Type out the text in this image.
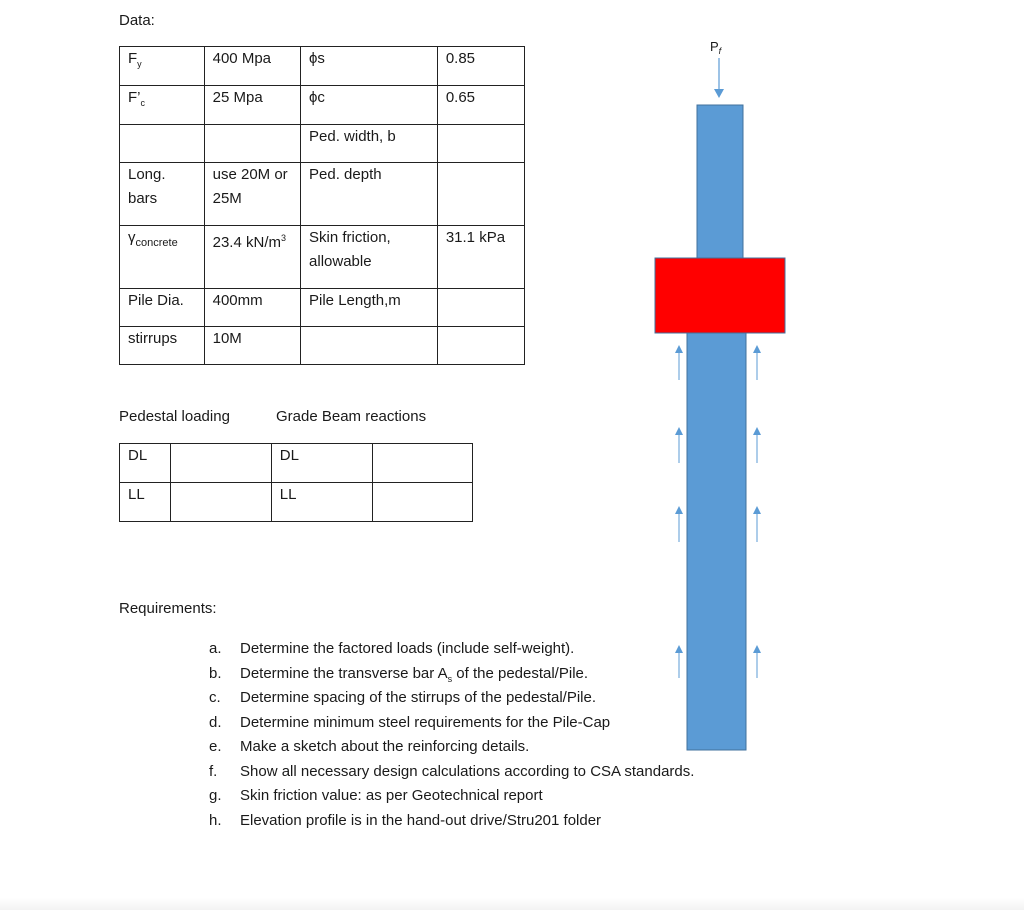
Data:
$F_y$	400 Mpa	ϕs	0.85
$F’_c$	25 Mpa	ϕc	0.65
		Ped. width, b	
Long. bars	use 20M or 25M	Ped. depth	
$\gamma_{concrete}$	23.4 $kN/m^3$	Skin friction, allowable	31.1 kPa
Pile Dia.	400mm	Pile Length,m	
stirrups	10M		
Pedestal loading	Grade Beam reactions
DL		DL	
LL		LL	
Requirements:
a. Determine the factored loads (include self-weight).
b. Determine the transverse bar $A_s$ of the pedestal/Pile.
c. Determine spacing of the stirrups of the pedestal/Pile.
d. Determine minimum steel requirements for the Pile-Cap
e. Make a sketch about the reinforcing details.
f. Show all necessary design calculations according to CSA standards.
g. Skin friction value: as per Geotechnical report
h. Elevation profile is in the hand-out drive/Stru201 folder
$P_f$
